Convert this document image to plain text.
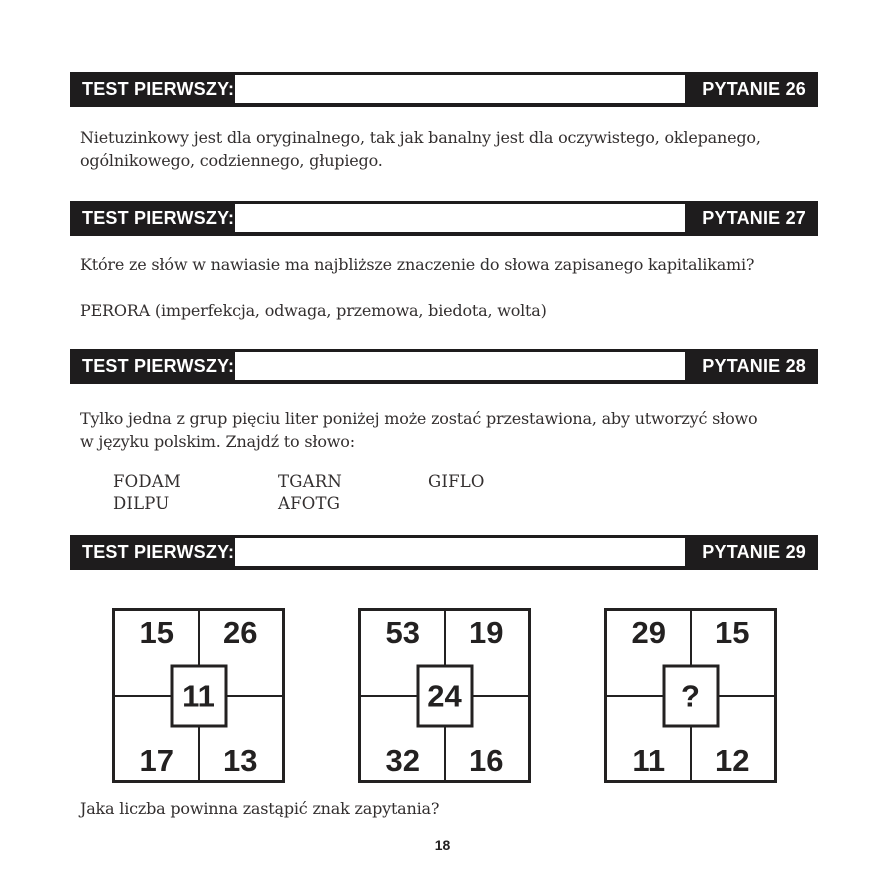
TEST PIERWSZY:	PYTANIE 26
Nietuzinkowy jest dla oryginalnego, tak jak banalny jest dla oczywistego, oklepanego,
ogólnikowego, codziennego, głupiego.
TEST PIERWSZY:	PYTANIE 27
Które ze słów w nawiasie ma najbliższe znaczenie do słowa zapisanego kapitalikami?
PERORA (imperfekcja, odwaga, przemowa, biedota, wolta)
TEST PIERWSZY:	PYTANIE 28
Tylko jedna z grup pięciu liter poniżej może zostać przestawiona, aby utworzyć słowo
w języku polskim. Znajdź to słowo:
FODAM	TGARN	GIFLO
DILPU	AFOTG
TEST PIERWSZY:	PYTANIE 29
15	26
17	13
11
53	19
32	16
24
29	15
11	12
?
Jaka liczba powinna zastąpić znak zapytania?
18
